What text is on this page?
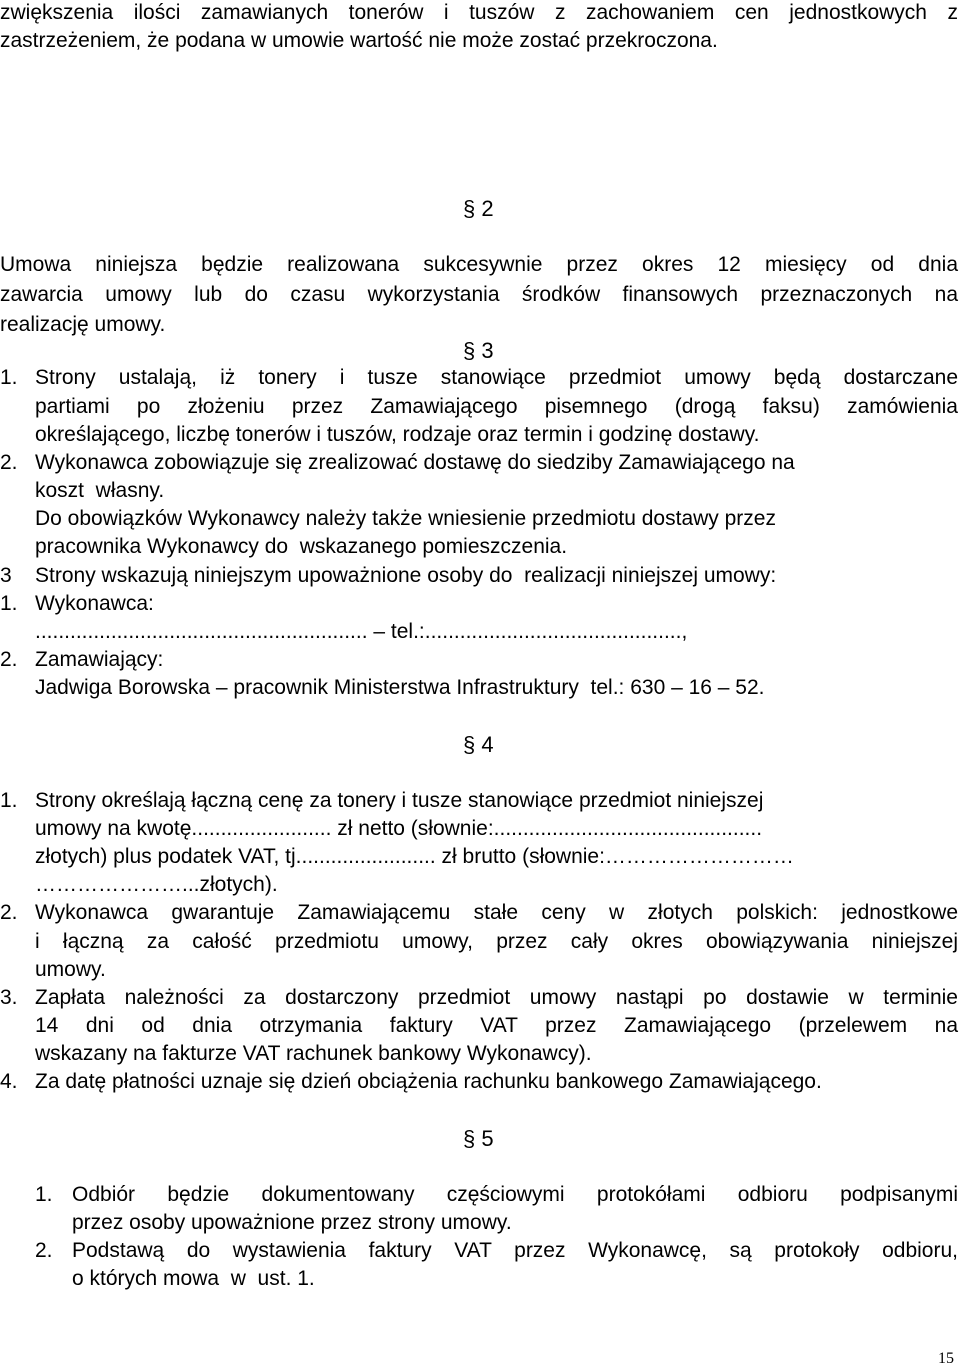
zwiększenia ilości zamawianych tonerów i tuszów z zachowaniem cen jednostkowych z
zastrzeżeniem, że podana w umowie wartość nie może zostać przekroczona.
§ 2
Umowa niniejsza będzie realizowana sukcesywnie przez okres 12 miesięcy od dnia
zawarcia umowy lub do czasu wykorzystania środków finansowych przeznaczonych na
realizację umowy.
§ 3
1. Strony ustalają, iż tonery i tusze stanowiące przedmiot umowy będą dostarczane
partiami po złożeniu przez Zamawiającego pisemnego (drogą faksu) zamówienia
określającego, liczbę tonerów i tuszów, rodzaje oraz termin i godzinę dostawy.
2. Wykonawca zobowiązuje się zrealizować dostawę do siedziby Zamawiającego na
koszt  własny.
Do obowiązków Wykonawcy należy także wniesienie przedmiotu dostawy przez
pracownika Wykonawcy do  wskazanego pomieszczenia.
3 Strony wskazują niniejszym upoważnione osoby do  realizacji niniejszej umowy:
1. Wykonawca:
......................................................... – tel.:............................................,
2. Zamawiający:
Jadwiga Borowska – pracownik Ministerstwa Infrastruktury  tel.: 630 – 16 – 52.
§ 4
1. Strony określają łączną cenę za tonery i tusze stanowiące przedmiot niniejszej
umowy na kwotę........................ zł netto (słownie:..............................................
złotych) plus podatek VAT, tj........................ zł brutto (słownie:………………………
…………………...złotych).
2. Wykonawca gwarantuje Zamawiającemu stałe ceny w złotych polskich: jednostkowe
i łączną za całość przedmiotu umowy, przez cały okres obowiązywania niniejszej
umowy.
3. Zapłata należności za dostarczony przedmiot umowy nastąpi po dostawie w terminie
14 dni od dnia otrzymania faktury VAT przez Zamawiającego (przelewem na
wskazany na fakturze VAT rachunek bankowy Wykonawcy).
4. Za datę płatności uznaje się dzień obciążenia rachunku bankowego Zamawiającego.
§ 5
1. Odbiór będzie dokumentowany częściowymi protokółami odbioru podpisanymi
przez osoby upoważnione przez strony umowy.
2. Podstawą do wystawienia faktury VAT przez Wykonawcę, są protokoły odbioru,
o których mowa  w  ust. 1.
15
